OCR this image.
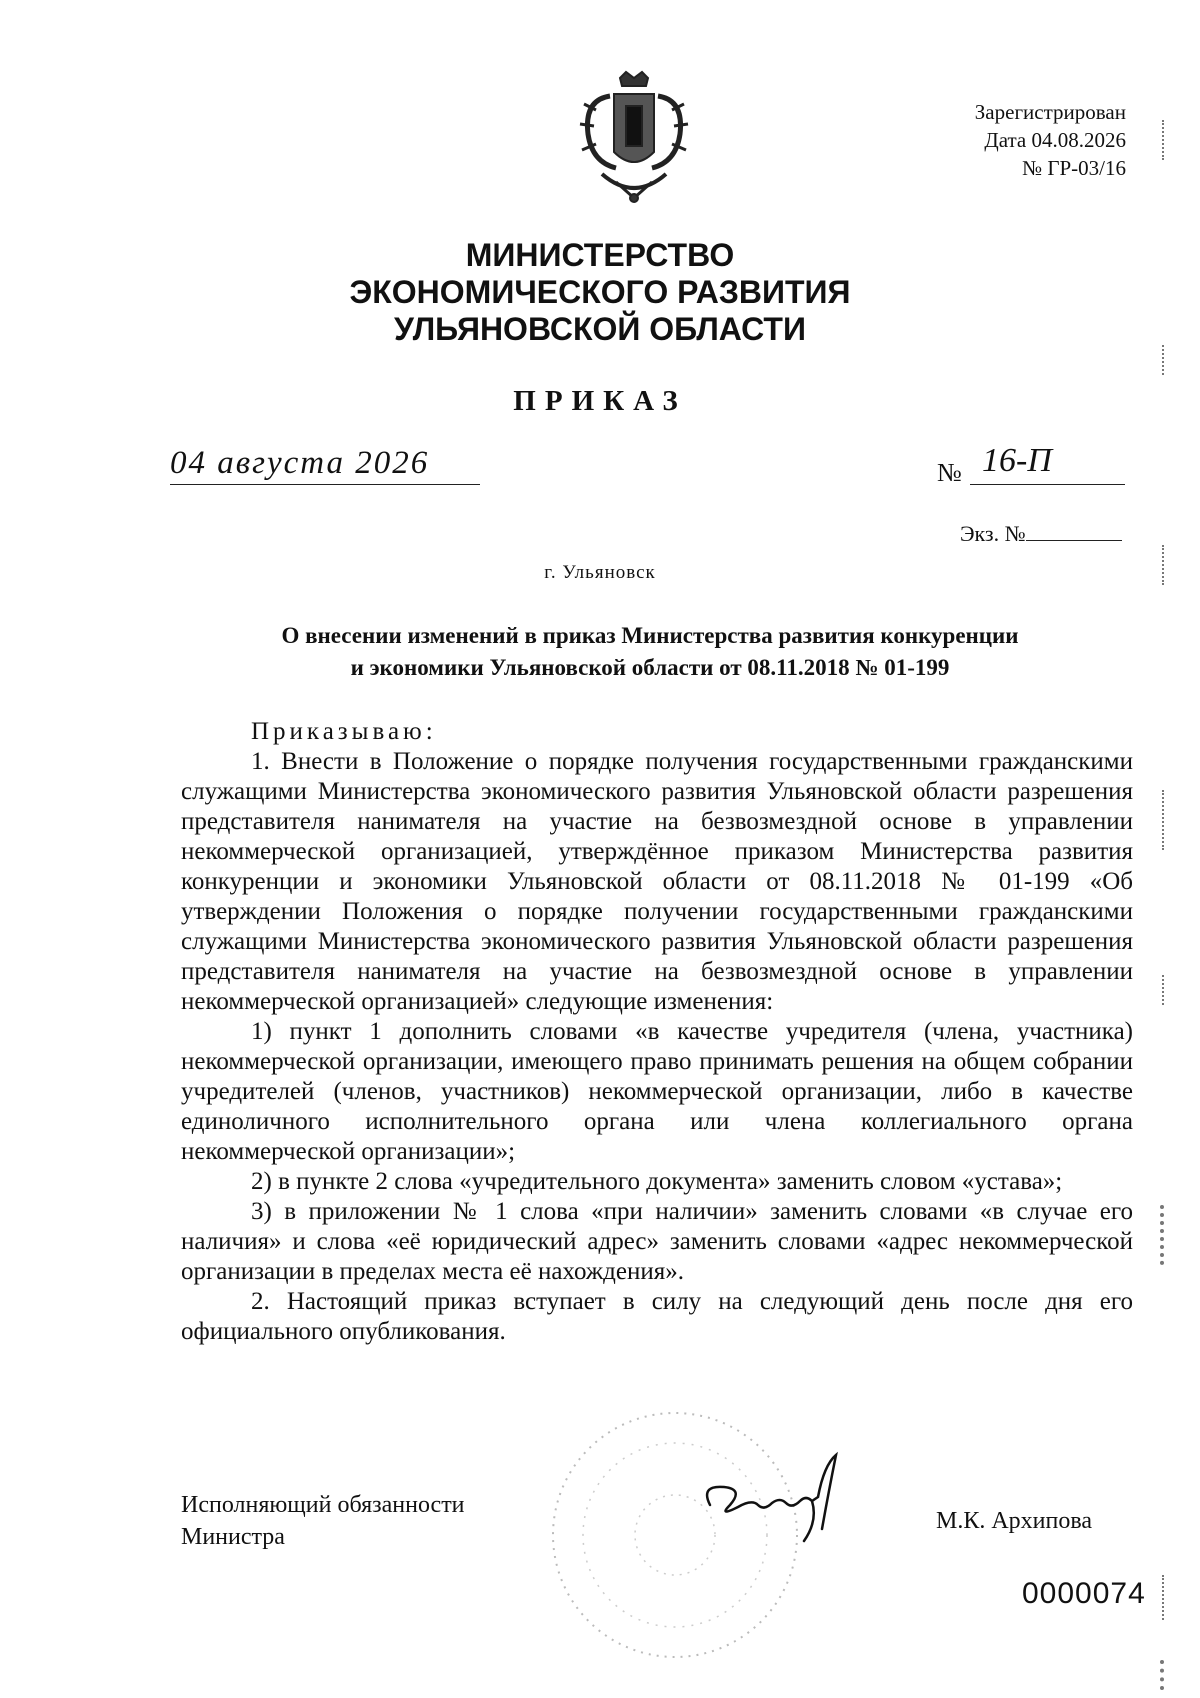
Зарегистрирован
Дата 04.08.2026
№ ГР-03/16
МИНИСТЕРСТВО
ЭКОНОМИЧЕСКОГО РАЗВИТИЯ
УЛЬЯНОВСКОЙ ОБЛАСТИ
ПРИКАЗ
04 августа 2026	№ 16-П
Экз. №
г. Ульяновск
О внесении изменений в приказ Министерства развития конкуренции
и экономики Ульяновской области от 08.11.2018 № 01-199

Приказываю:

1. Внести в Положение о порядке получения государственными гражданскими служащими Министерства экономического развития Ульяновской области разрешения представителя нанимателя на участие на безвозмездной основе в управлении некоммерческой организацией, утверждённое приказом Министерства развития конкуренции и экономики Ульяновской области от 08.11.2018 № 01-199 «Об утверждении Положения о порядке получении государственными гражданскими служащими Министерства экономического развития Ульяновской области разрешения представителя нанимателя на участие на безвозмездной основе в управлении некоммерческой организацией» следующие изменения:

1) пункт 1 дополнить словами «в качестве учредителя (члена, участника) некоммерческой организации, имеющего право принимать решения на общем собрании учредителей (членов, участников) некоммерческой организации, либо в качестве единоличного исполнительного органа или члена коллегиального органа некоммерческой организации»;

2) в пункте 2 слова «учредительного документа» заменить словом «устава»;

3) в приложении № 1 слова «при наличии» заменить словами «в случае его наличия» и слова «её юридический адрес» заменить словами «адрес некоммерческой организации в пределах места её нахождения».

2. Настоящий приказ вступает в силу на следующий день после дня его официального опубликования.

Исполняющий обязанности
Министра
М.К. Архипова
0000074
